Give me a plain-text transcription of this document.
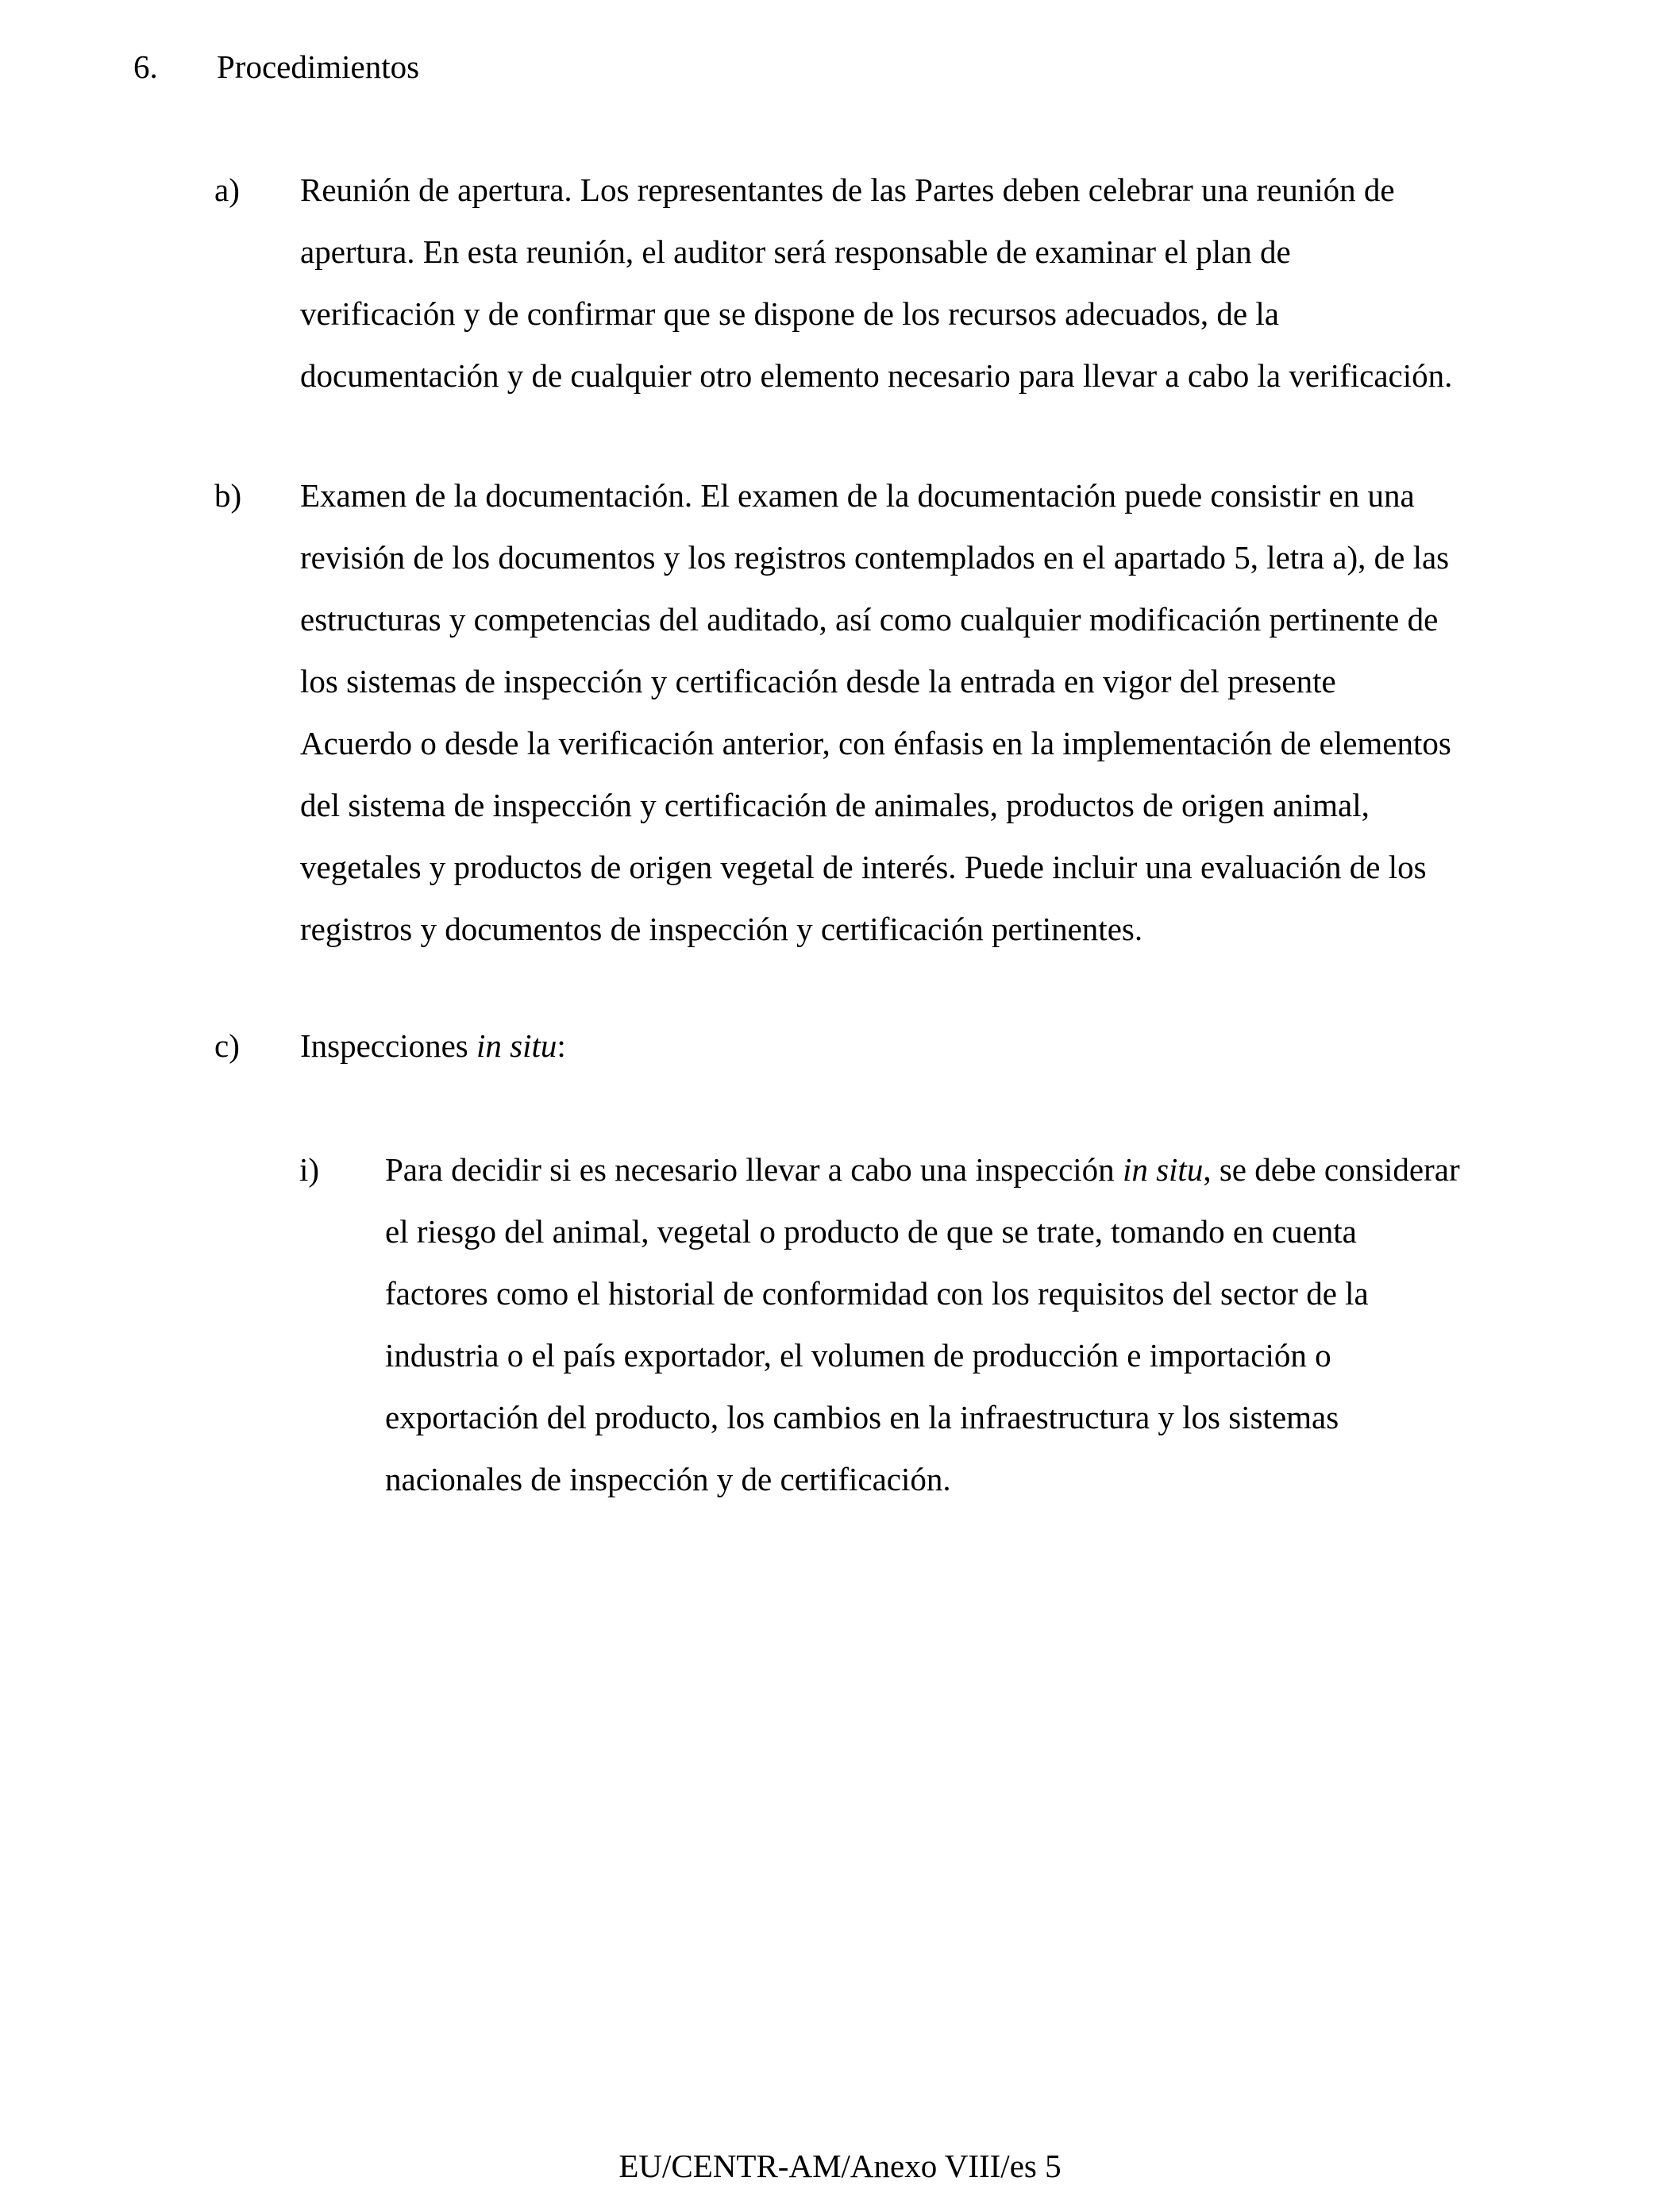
6. Procedimientos
a) Reunión de apertura. Los representantes de las Partes deben celebrar una reunión de
apertura. En esta reunión, el auditor será responsable de examinar el plan de
verificación y de confirmar que se dispone de los recursos adecuados, de la
documentación y de cualquier otro elemento necesario para llevar a cabo la verificación.
b) Examen de la documentación. El examen de la documentación puede consistir en una
revisión de los documentos y los registros contemplados en el apartado 5, letra a), de las
estructuras y competencias del auditado, así como cualquier modificación pertinente de
los sistemas de inspección y certificación desde la entrada en vigor del presente
Acuerdo o desde la verificación anterior, con énfasis en la implementación de elementos
del sistema de inspección y certificación de animales, productos de origen animal,
vegetales y productos de origen vegetal de interés. Puede incluir una evaluación de los
registros y documentos de inspección y certificación pertinentes.
c) Inspecciones in situ:
i) Para decidir si es necesario llevar a cabo una inspección in situ, se debe considerar
el riesgo del animal, vegetal o producto de que se trate, tomando en cuenta
factores como el historial de conformidad con los requisitos del sector de la
industria o el país exportador, el volumen de producción e importación o
exportación del producto, los cambios en la infraestructura y los sistemas
nacionales de inspección y de certificación.
EU/CENTR-AM/Anexo VIII/es 5
